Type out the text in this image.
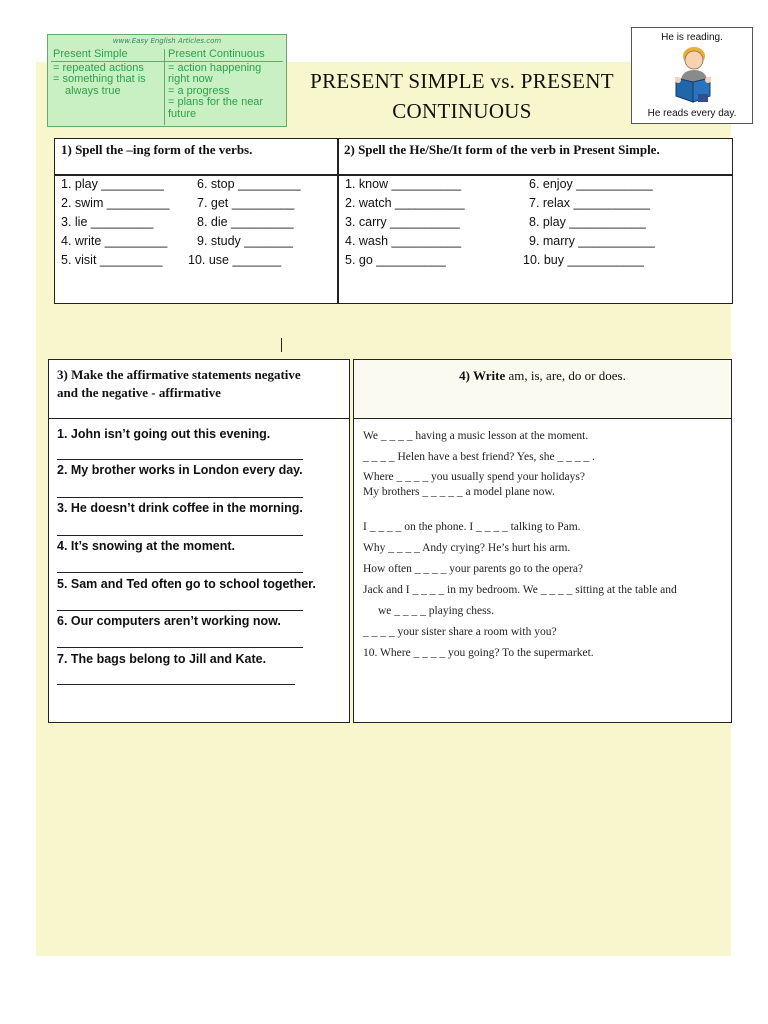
www.Easy English Articles.com
Present Simple
= repeated actions
= something that is
always true
Present Continuous
= action happening
right now
= a progress
= plans for the near
future
PRESENT SIMPLE vs. PRESENT
CONTINUOUS
He is reading.
He reads every day.
1) Spell the –ing form of the verbs.	2) Spell the He/She/It form of the verb in Present Simple.
1. play _________
2. swim _________
3. lie _________
4. write _________
5. visit _________
6. stop _________
7. get _________
8. die _________
9. study _______
10. use _______
1. know __________
2. watch __________
3. carry __________
4. wash __________
5. go __________
6. enjoy ___________
7. relax ___________
8. play ___________
9. marry ___________
10. buy ___________
3) Make the affirmative statements negative
and the negative - affirmative
1. John isn’t going out this evening.
2. My brother works in London every day.
3. He doesn’t drink coffee in the morning.
4. It’s snowing at the moment.
5. Sam and Ted often go to school together.
6. Our computers aren’t working now.
7. The bags belong to Jill and Kate.
4) Write am, is, are, do or does.
We _ _ _ _ having a music lesson at the moment.
_ _ _ _ Helen have a best friend? Yes, she _ _ _ _ .
Where _ _ _ _ you usually spend your holidays?
My brothers _ _ _ _ _ a model plane now.
I _ _ _ _ on the phone. I _ _ _ _ talking to Pam.
Why _ _ _ _ Andy crying? He’s hurt his arm.
How often _ _ _ _ your parents go to the opera?
Jack and I _ _ _ _ in my bedroom. We _ _ _ _ sitting at the table and
we _ _ _ _ playing chess.
_ _ _ _ your sister share a room with you?
10. Where _ _ _ _ you going? To the supermarket.
